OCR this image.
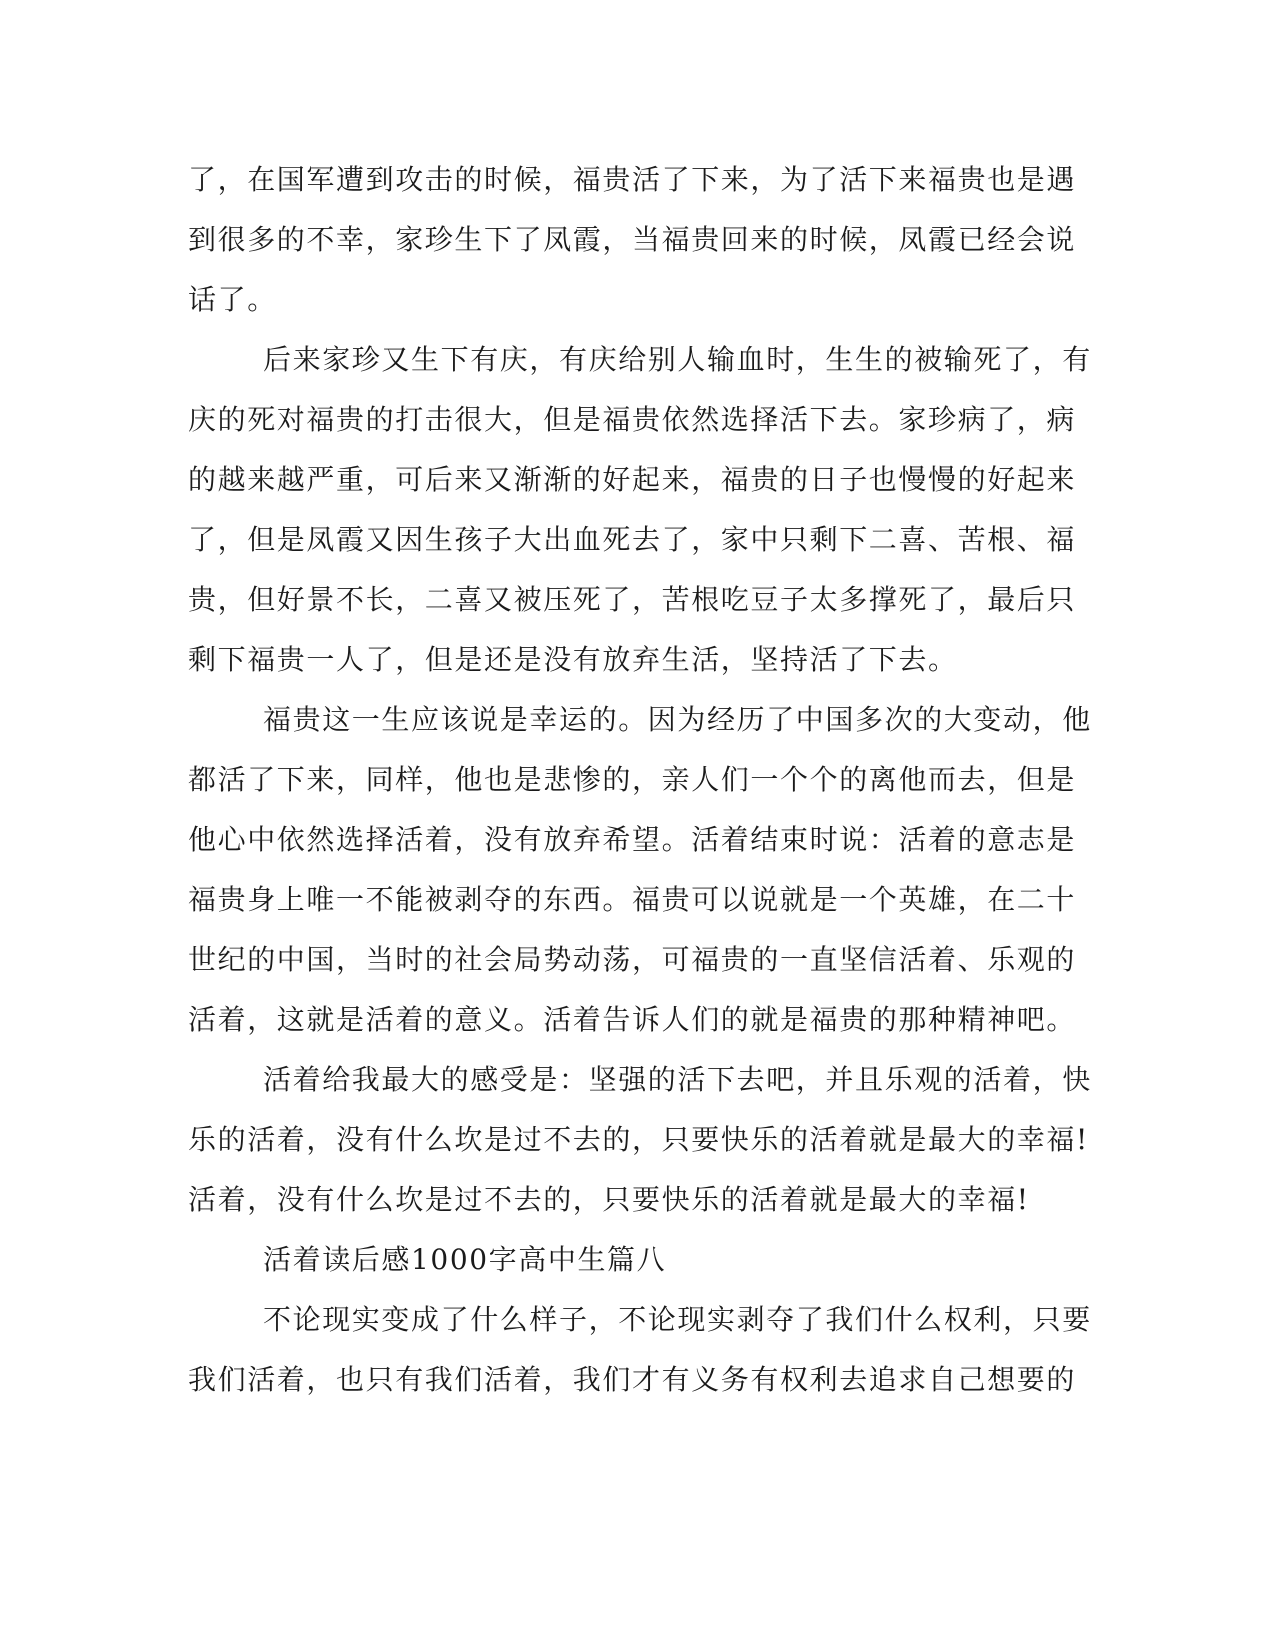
了，在国军遭到攻击的时候，福贵活了下来，为了活下来福贵也是遇
到很多的不幸，家珍生下了凤霞，当福贵回来的时候，凤霞已经会说
话了。
后来家珍又生下有庆，有庆给别人输血时，生生的被输死了，有
庆的死对福贵的打击很大，但是福贵依然选择活下去。家珍病了，病
的越来越严重，可后来又渐渐的好起来，福贵的日子也慢慢的好起来
了，但是凤霞又因生孩子大出血死去了，家中只剩下二喜、苦根、福
贵，但好景不长，二喜又被压死了，苦根吃豆子太多撑死了，最后只
剩下福贵一人了，但是还是没有放弃生活，坚持活了下去。
福贵这一生应该说是幸运的。因为经历了中国多次的大变动，他
都活了下来，同样，他也是悲惨的，亲人们一个个的离他而去，但是
他心中依然选择活着，没有放弃希望。活着结束时说：活着的意志是
福贵身上唯一不能被剥夺的东西。福贵可以说就是一个英雄，在二十
世纪的中国，当时的社会局势动荡，可福贵的一直坚信活着、乐观的
活着，这就是活着的意义。活着告诉人们的就是福贵的那种精神吧。
活着给我最大的感受是：坚强的活下去吧，并且乐观的活着，快
乐的活着，没有什么坎是过不去的，只要快乐的活着就是最大的幸福!
活着，没有什么坎是过不去的，只要快乐的活着就是最大的幸福!
活着读后感1000字高中生篇八
不论现实变成了什么样子，不论现实剥夺了我们什么权利，只要
我们活着，也只有我们活着，我们才有义务有权利去追求自己想要的
